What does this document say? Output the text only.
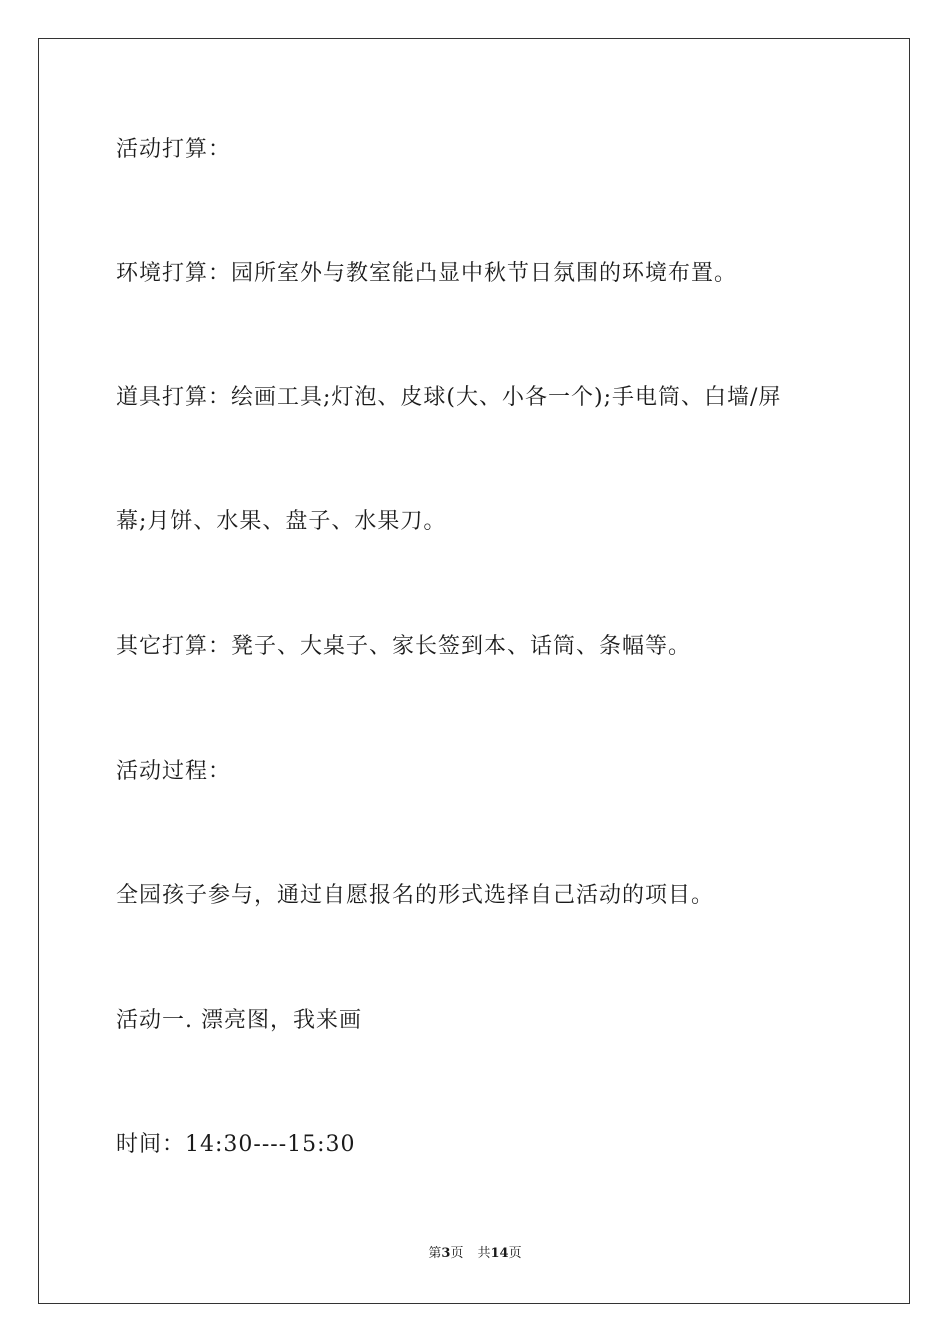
活动打算：
环境打算：园所室外与教室能凸显中秋节日氛围的环境布置。
道具打算：绘画工具;灯泡、皮球(大、小各一个);手电筒、白墙/屏
幕;月饼、水果、盘子、水果刀。
其它打算：凳子、大桌子、家长签到本、话筒、条幅等。
活动过程：
全园孩子参与，通过自愿报名的形式选择自己活动的项目。
活动一. 漂亮图，我来画
时间：14:30----15:30
第3页 共14页
